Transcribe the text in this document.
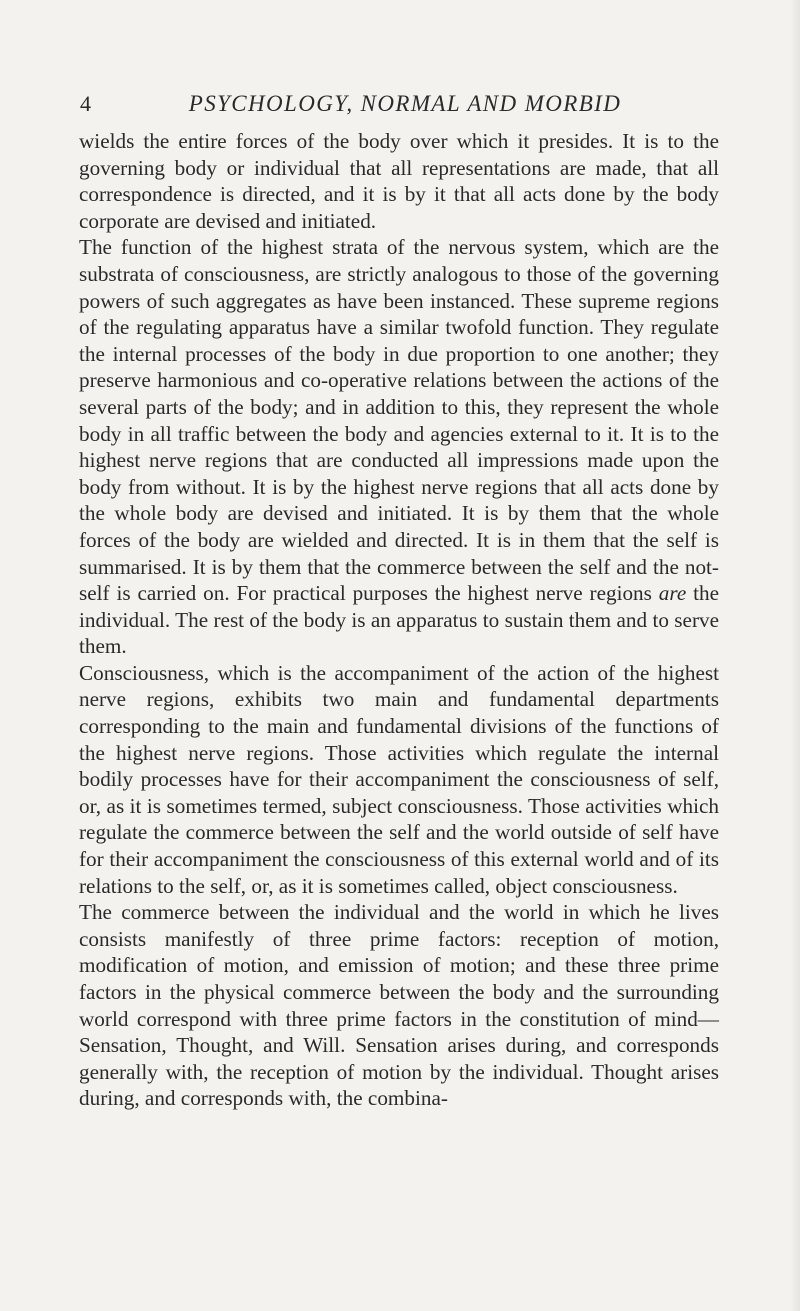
4	PSYCHOLOGY, NORMAL AND MORBID

wields the entire forces of the body over which it presides. It is to the governing body or individual that all representations are made, that all correspondence is directed, and it is by it that all acts done by the body corporate are devised and initiated.

The function of the highest strata of the nervous system, which are the substrata of consciousness, are strictly analogous to those of the governing powers of such aggregates as have been instanced. These supreme regions of the regulating apparatus have a similar twofold function. They regulate the internal processes of the body in due proportion to one another; they preserve harmonious and co-operative relations between the actions of the several parts of the body; and in addition to this, they represent the whole body in all traffic between the body and agencies external to it. It is to the highest nerve regions that are conducted all impressions made upon the body from without. It is by the highest nerve regions that all acts done by the whole body are devised and initiated. It is by them that the whole forces of the body are wielded and directed. It is in them that the self is summarised. It is by them that the commerce between the self and the not-self is carried on. For practical purposes the highest nerve regions are the individual. The rest of the body is an apparatus to sustain them and to serve them.

Consciousness, which is the accompaniment of the action of the highest nerve regions, exhibits two main and fundamental departments corresponding to the main and fundamental divisions of the functions of the highest nerve regions. Those activities which regulate the internal bodily processes have for their accompaniment the consciousness of self, or, as it is sometimes termed, subject consciousness. Those activities which regulate the commerce between the self and the world outside of self have for their accompaniment the consciousness of this external world and of its relations to the self, or, as it is sometimes called, object consciousness.

The commerce between the individual and the world in which he lives consists manifestly of three prime factors: reception of motion, modification of motion, and emission of motion; and these three prime factors in the physical commerce between the body and the surrounding world correspond with three prime factors in the constitution of mind—Sensation, Thought, and Will. Sensation arises during, and corresponds generally with, the reception of motion by the individual. Thought arises during, and corresponds with, the combina-
